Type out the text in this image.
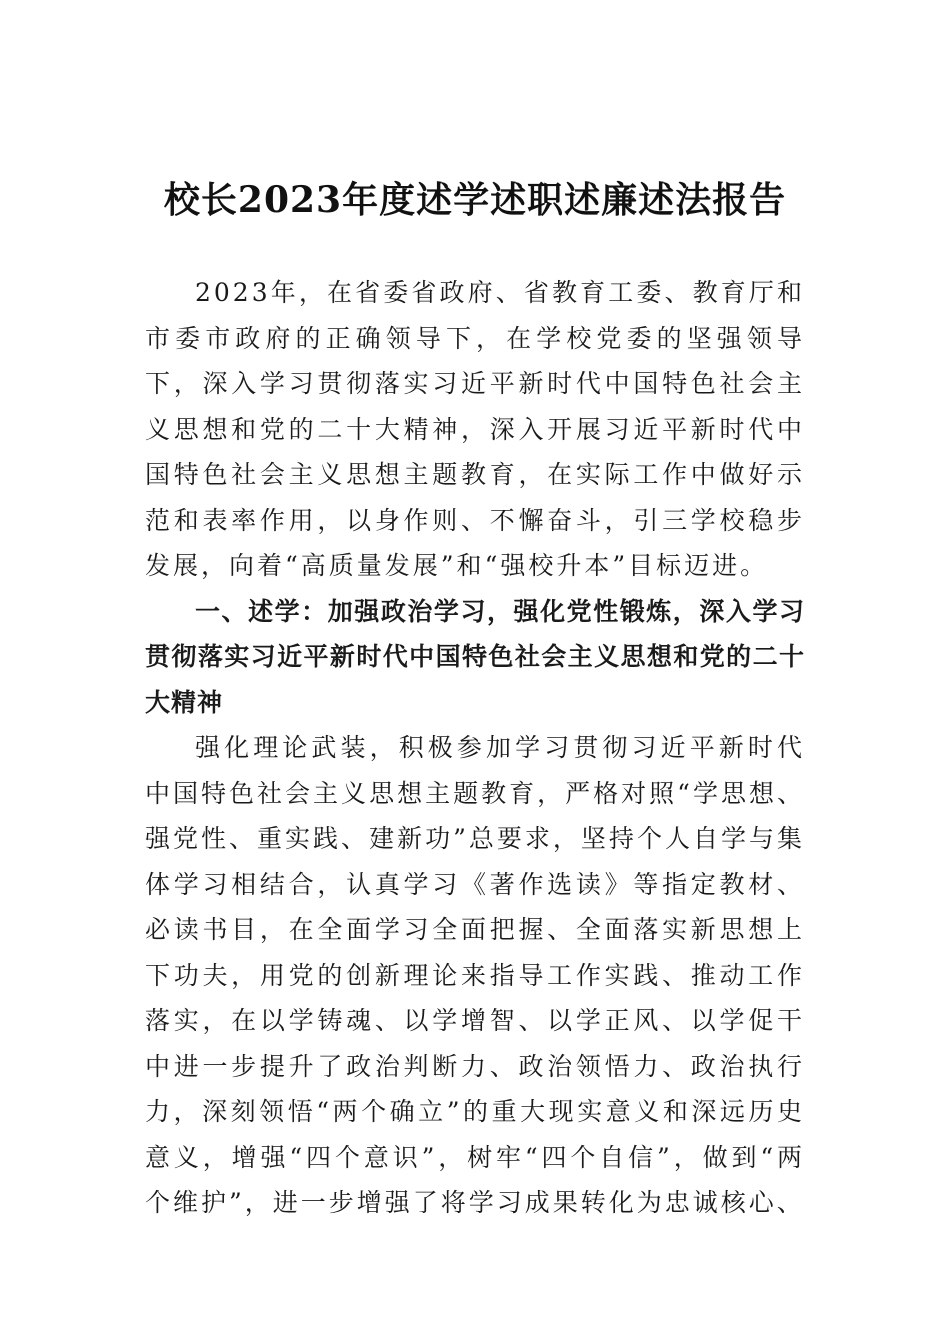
校长2023年度述学述职述廉述法报告

2023年，在省委省政府、省教育工委、教育厅和市委市政府的正确领导下，在学校党委的坚强领导下，深入学习贯彻落实习近平新时代中国特色社会主义思想和党的二十大精神，深入开展习近平新时代中国特色社会主义思想主题教育，在实际工作中做好示范和表率作用，以身作则、不懈奋斗，引三学校稳步发展，向着“高质量发展”和“强校升本”目标迈进。

一、述学：加强政治学习，强化党性锻炼，深入学习贯彻落实习近平新时代中国特色社会主义思想和党的二十大精神

强化理论武装，积极参加学习贯彻习近平新时代中国特色社会主义思想主题教育，严格对照“学思想、强党性、重实践、建新功”总要求，坚持个人自学与集体学习相结合，认真学习《著作选读》等指定教材、必读书目，在全面学习全面把握、全面落实新思想上下功夫，用党的创新理论来指导工作实践、推动工作落实，在以学铸魂、以学增智、以学正风、以学促干中进一步提升了政治判断力、政治领悟力、政治执行力，深刻领悟“两个确立”的重大现实意义和深远历史意义，增强“四个意识”，树牢“四个自信”，做到“两个维护”，进一步增强了将学习成果转化为忠诚核心、
